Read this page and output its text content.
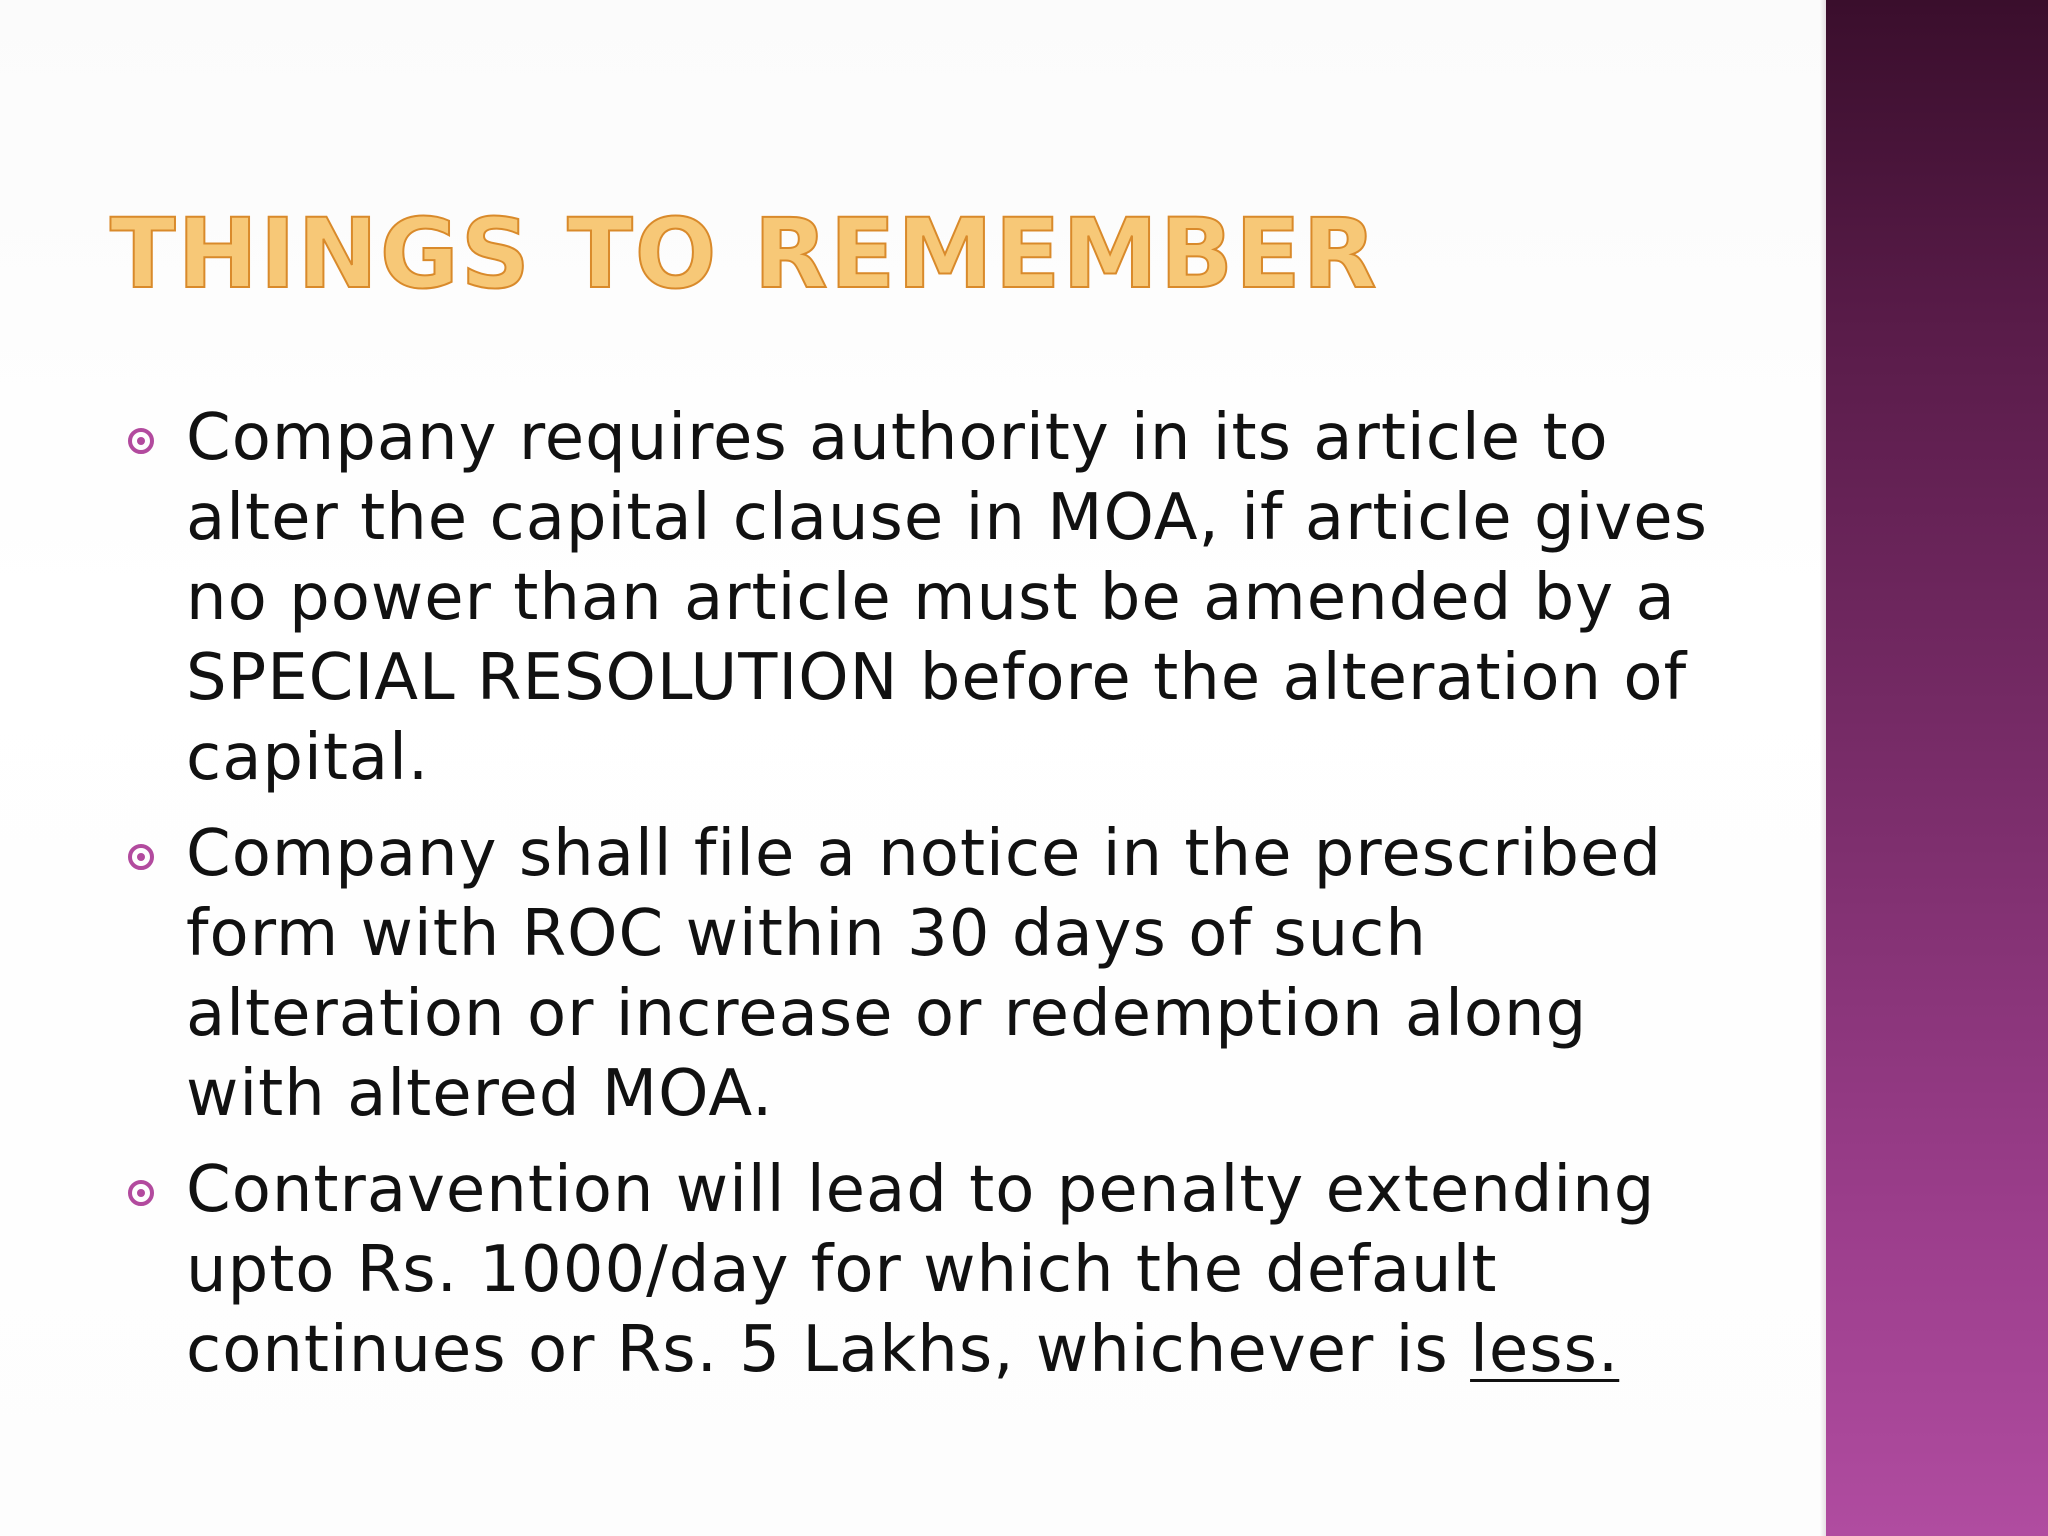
THINGS TO REMEMBER
Company requires authority in its article to alter the capital clause in MOA, if article gives no power than article must be amended by a SPECIAL RESOLUTION before the alteration of capital.
Company shall file a notice in the prescribed form with ROC within 30 days of such alteration or increase or redemption along with altered MOA.
Contravention will lead to penalty extending upto Rs. 1000/day for which the default continues or Rs. 5 Lakhs, whichever is less.
